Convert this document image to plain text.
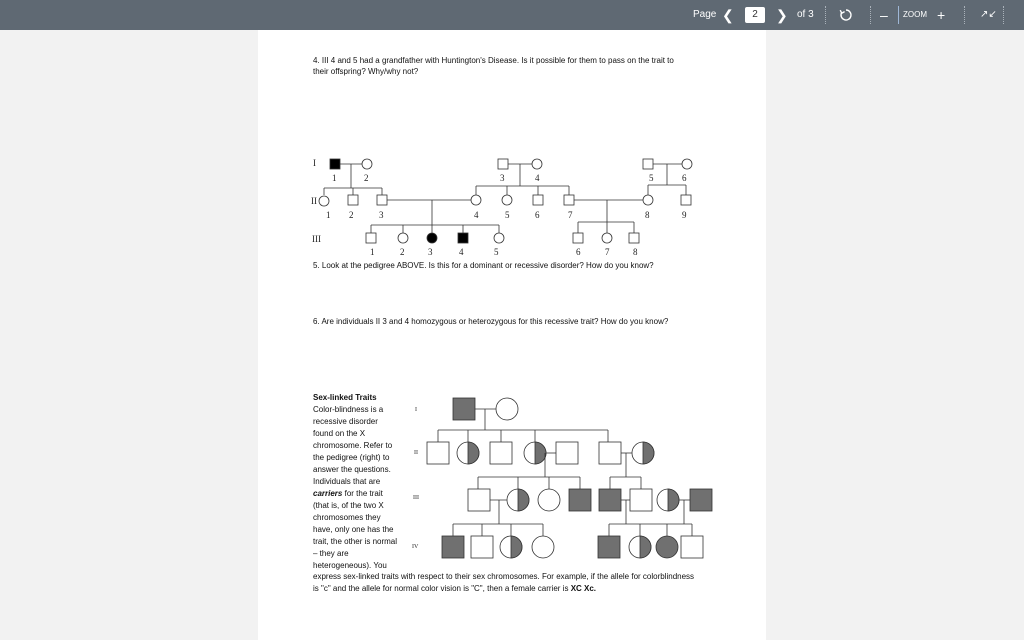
Page ❮	2	❯ of 3	– ZOOM +	↗↙
4. III 4 and 5 had a grandfather with Huntington's Disease. Is it possible for them to pass on the trait to
their offspring? Why/why not?
I
II
III
1	2	3	4	5	6
1 2	3	4	5	6	7	8	9
1	2	3	4	5	6	7	8
5. Look at the pedigree ABOVE. Is this for a dominant or recessive disorder? How do you know?
6. Are individuals II 3 and 4 homozygous or heterozygous for this recessive trait? How do you know?
Sex-linked Traits
Color-blindness is a recessive disorder found on the X chromosome. Refer to the pedigree (right) to answer the questions. Individuals that are carriers for the trait (that is, of the two X chromosomes they have, only one has the trait, the other is normal – they are heterogeneous). You
I
II
III
IV
express sex-linked traits with respect to their sex chromosomes. For example, if the allele for colorblindness
is "c" and the allele for normal color vision is "C", then a female carrier is XC Xc.
